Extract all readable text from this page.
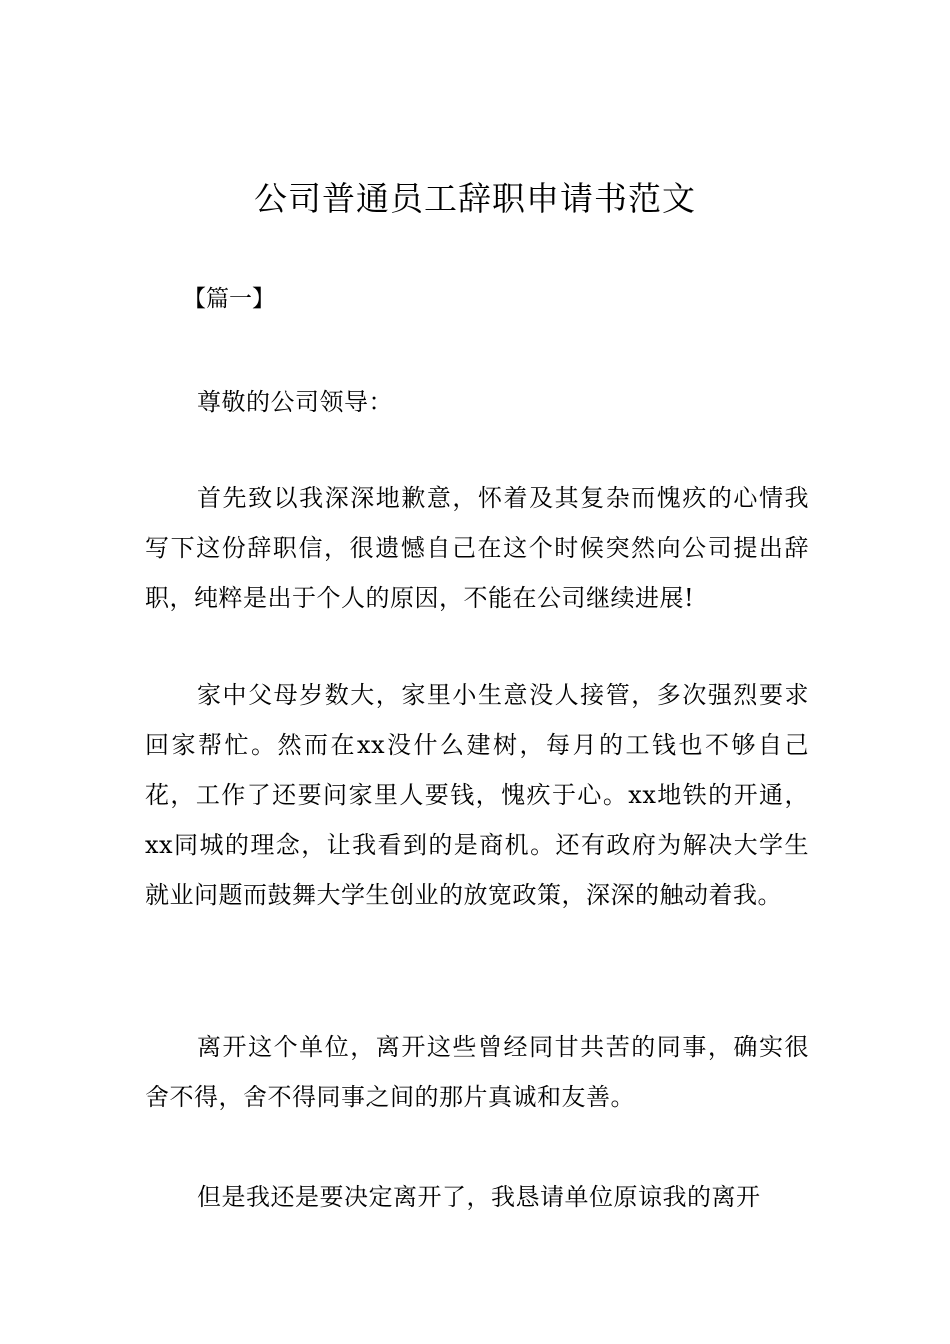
公司普通员工辞职申请书范文

【篇一】

尊敬的公司领导：

首先致以我深深地歉意，怀着及其复杂而愧疚的心情我写下这份辞职信，很遗憾自己在这个时候突然向公司提出辞职，纯粹是出于个人的原因，不能在公司继续进展!

家中父母岁数大，家里小生意没人接管，多次强烈要求回家帮忙。然而在xx没什么建树，每月的工钱也不够自己花，工作了还要问家里人要钱，愧疚于心。xx地铁的开通，xx同城的理念，让我看到的是商机。还有政府为解决大学生就业问题而鼓舞大学生创业的放宽政策，深深的触动着我。

离开这个单位，离开这些曾经同甘共苦的同事，确实很舍不得，舍不得同事之间的那片真诚和友善。

但是我还是要决定离开了，我恳请单位原谅我的离开
